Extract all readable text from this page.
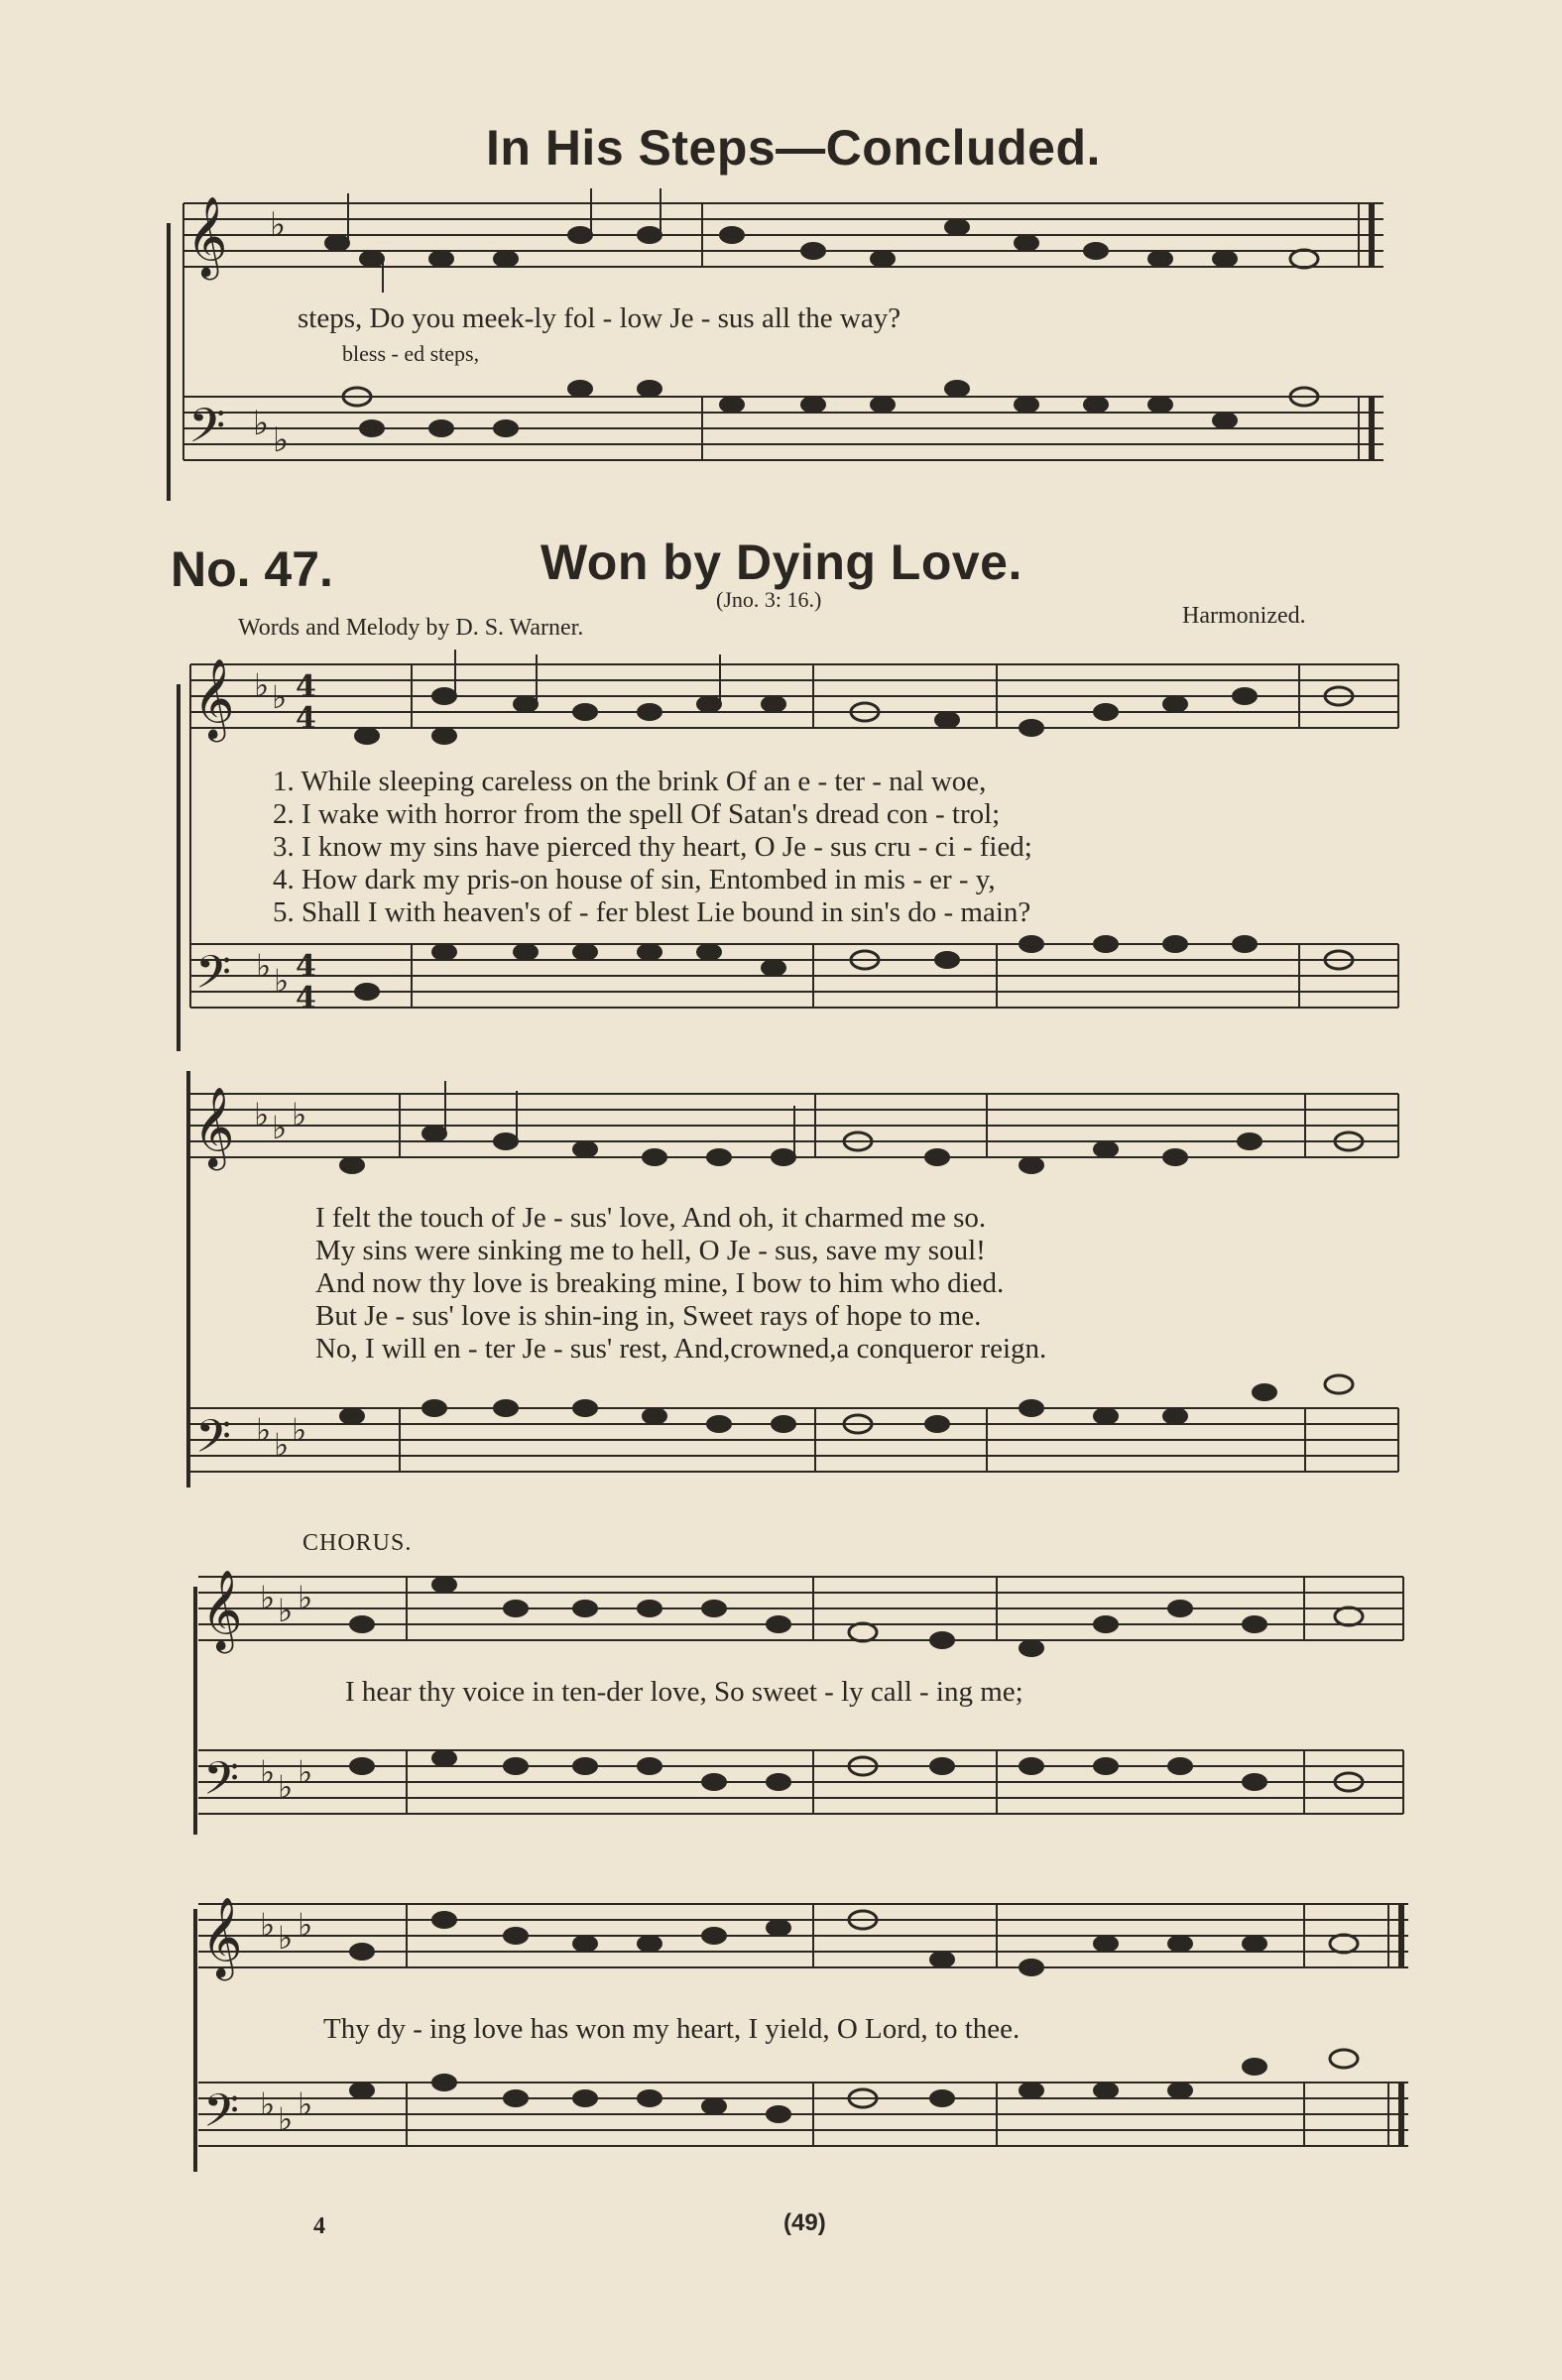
In His Steps—Concluded.
𝄞 ♭
𝄢 ♭ ♭
steps, Do you meek-ly fol - low Je - sus all the way?
bless - ed steps,
No. 47.	Won by Dying Love.
(Jno. 3: 16.)
Words and Melody by D. S. Warner.	Harmonized.
𝄞 ♭ ♭ 4
4
𝄢 ♭ ♭ 4
4
𝄞 ♭ ♭ ♭
𝄢 ♭ ♭ ♭
𝄞 ♭ ♭ ♭
𝄢 ♭ ♭ ♭
𝄞 ♭ ♭ ♭
𝄢 ♭ ♭ ♭
1. While sleeping careless on the brink Of an e - ter - nal woe,
2. I wake with horror from the spell Of Satan's dread con - trol;
3. I know my sins have pierced thy heart, O Je - sus cru - ci - fied;
4. How dark my pris-on house of sin, Entombed in mis - er - y,
5. Shall I with heaven's of - fer blest Lie bound in sin's do - main?
I felt the touch of Je - sus' love, And oh, it charmed me so.
My sins were sinking me to hell, O Je - sus, save my soul!
And now thy love is breaking mine, I bow to him who died.
But Je - sus' love is shin-ing in, Sweet rays of hope to me.
No, I will en - ter Je - sus' rest, And,crowned,a conqueror reign.
CHORUS.
I hear thy voice in ten-der love, So sweet - ly call - ing me;
Thy dy - ing love has won my heart, I yield, O Lord, to thee.
4	(49)
